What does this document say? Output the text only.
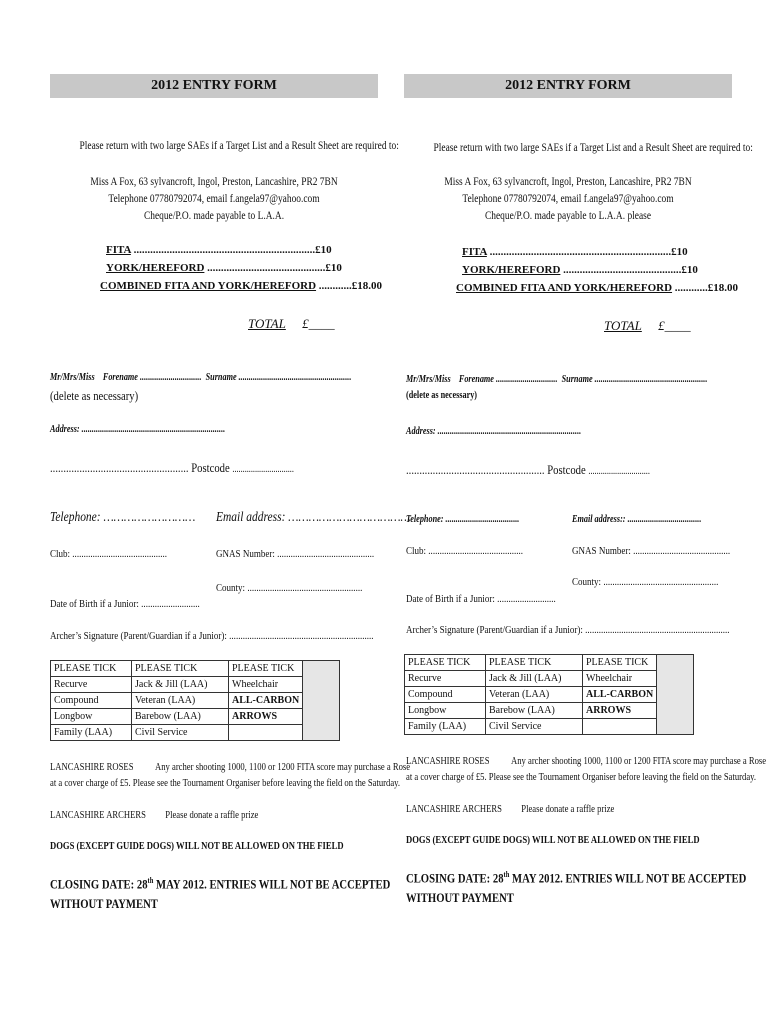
2012 ENTRY FORM
Please return with two large SAEs if a Target List and a Result Sheet are required to:
Miss A Fox, 63 sylvancroft, Ingol, Preston, Lancashire, PR2 7BN
Telephone 07780792074, email f.angela97@yahoo.com
Cheque/P.O. made payable to L.A.A.
FITA ..................................................................£10
YORK/HEREFORD ...........................................£10
COMBINED FITA AND YORK/HEREFORD ............£18.00
TOTAL £____
Mr/Mrs/Miss Forename .............................. Surname .......................................................
(delete as necessary)
Address: ......................................................................
.................................................... Postcode ..............................
Telephone: ……………………… Email address: ………………………………
Club: ..........................................	GNAS Number: ...........................................
County: ...................................................
Date of Birth if a Junior: ..........................
Archer’s Signature (Parent/Guardian if a Junior): ................................................................
PLEASE TICK	PLEASE TICK	PLEASE TICK	
Recurve	Jack & Jill (LAA)	Wheelchair	
Compound	Veteran (LAA)	ALL-CARBON	
Longbow	Barebow (LAA)	ARROWS	
Family (LAA)	Civil Service		
LANCASHIRE ROSES Any archer shooting 1000, 1100 or 1200 FITA score may purchase a Rose
at a cover charge of £5. Please see the Tournament Organiser before leaving the field on the Saturday.
LANCASHIRE ARCHERS Please donate a raffle prize
DOGS (EXCEPT GUIDE DOGS) WILL NOT BE ALLOWED ON THE FIELD
CLOSING DATE: 28th MAY 2012. ENTRIES WILL NOT BE ACCEPTED
WITHOUT PAYMENT
2012 ENTRY FORM
Please return with two large SAEs if a Target List and a Result Sheet are required to:
Miss A Fox, 63 sylvancroft, Ingol, Preston, Lancashire, PR2 7BN
Telephone 07780792074, email f.angela97@yahoo.com
Cheque/P.O. made payable to L.A.A. please
FITA ..................................................................£10
YORK/HEREFORD ...........................................£10
COMBINED FITA AND YORK/HEREFORD ............£18.00
TOTAL £____
Mr/Mrs/Miss Forename .............................. Surname .......................................................
(delete as necessary)
Address: ......................................................................
.................................................... Postcode ..............................
Telephone: ....................................	Email address:: ....................................
Club: ..........................................	GNAS Number: ...........................................
County: ...................................................
Date of Birth if a Junior: ..........................
Archer’s Signature (Parent/Guardian if a Junior): ................................................................
PLEASE TICK	PLEASE TICK	PLEASE TICK	
Recurve	Jack & Jill (LAA)	Wheelchair	
Compound	Veteran (LAA)	ALL-CARBON	
Longbow	Barebow (LAA)	ARROWS	
Family (LAA)	Civil Service		
LANCASHIRE ROSES Any archer shooting 1000, 1100 or 1200 FITA score may purchase a Rose
at a cover charge of £5. Please see the Tournament Organiser before leaving the field on the Saturday.
LANCASHIRE ARCHERS Please donate a raffle prize
DOGS (EXCEPT GUIDE DOGS) WILL NOT BE ALLOWED ON THE FIELD
CLOSING DATE: 28th MAY 2012. ENTRIES WILL NOT BE ACCEPTED
WITHOUT PAYMENT
